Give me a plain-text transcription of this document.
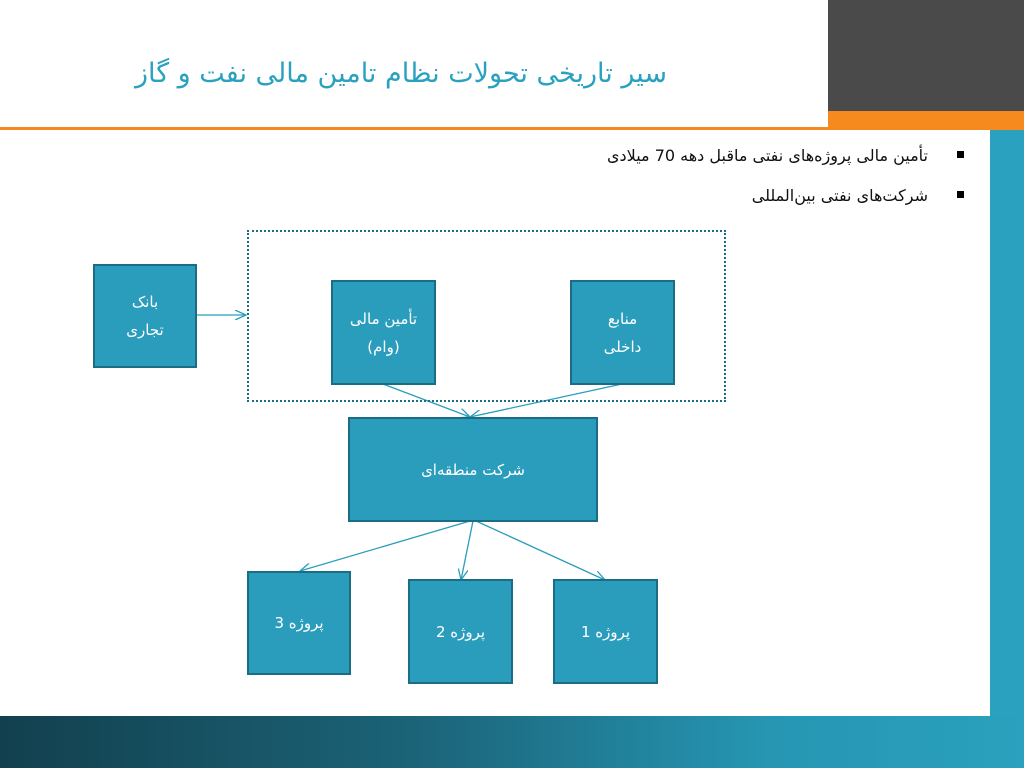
سیر تاریخی تحولات نظام تامین مالی نفت و گاز
تأمین مالی پروژه‌های نفتی ماقبل دهه 70 میلادی
شرکت‌های نفتی بین‌المللی
بانک
تجاری
تأمین مالی
(وام)
منابع
داخلی
شرکت منطقه‌ای
پروژه 3	پروژه 2	پروژه 1
